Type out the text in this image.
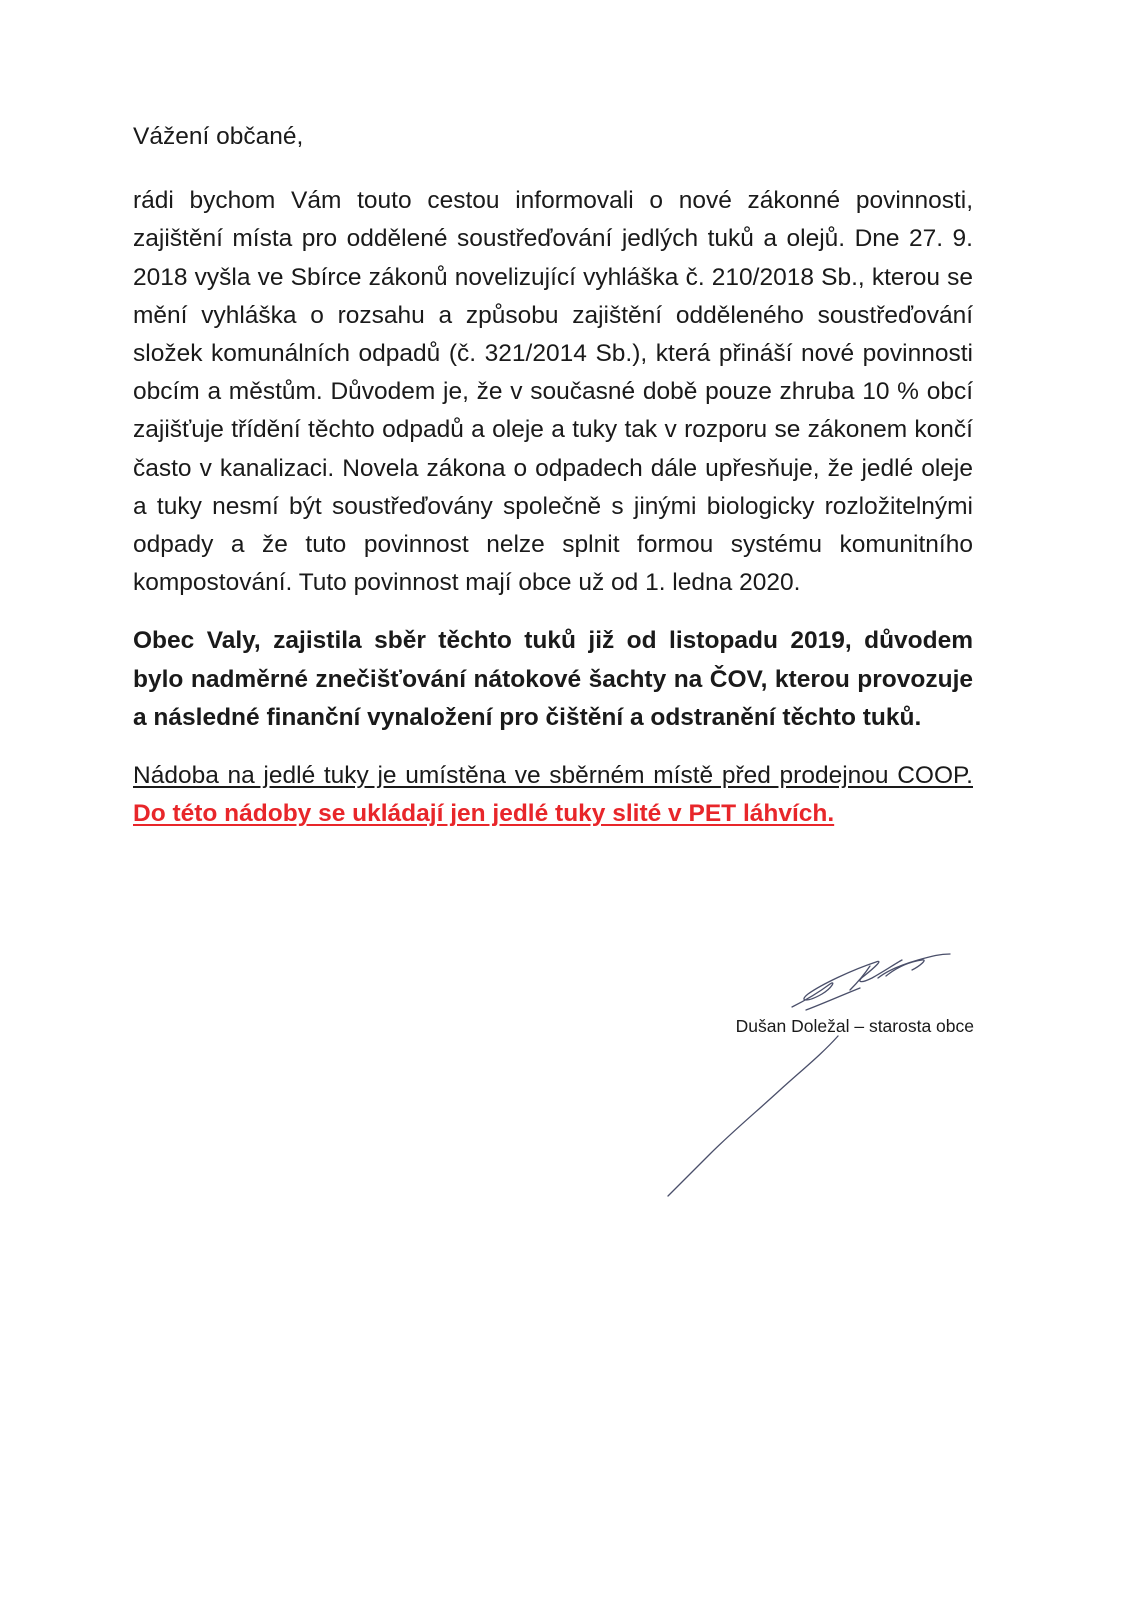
Vážení občané,

rádi bychom Vám touto cestou informovali o nové zákonné povinnosti, zajištění místa pro oddělené soustřeďování jedlých tuků a olejů. Dne 27. 9. 2018 vyšla ve Sbírce zákonů novelizující vyhláška č. 210/2018 Sb., kterou se mění vyhláška o rozsahu a způsobu zajištění odděleného soustřeďování složek komunálních odpadů (č. 321/2014 Sb.), která přináší nové povinnosti obcím a městům. Důvodem je, že v současné době pouze zhruba 10 % obcí zajišťuje třídění těchto odpadů a oleje a tuky tak v rozporu se zákonem končí často v kanalizaci. Novela zákona o odpadech dále upřesňuje, že jedlé oleje a tuky nesmí být soustřeďovány společně s jinými biologicky rozložitelnými odpady a že tuto povinnost nelze splnit formou systému komunitního kompostování. Tuto povinnost mají obce už od 1. ledna 2020.

Obec Valy, zajistila sběr těchto tuků již od listopadu 2019, důvodem bylo nadměrné znečišťování nátokové šachty na ČOV, kterou provozuje a následné finanční vynaložení pro čištění a odstranění těchto tuků.

Nádoba na jedlé tuky je umístěna ve sběrném místě před prodejnou COOP. Do této nádoby se ukládají jen jedlé tuky slité v PET láhvích.

Dušan Doležal – starosta obce
